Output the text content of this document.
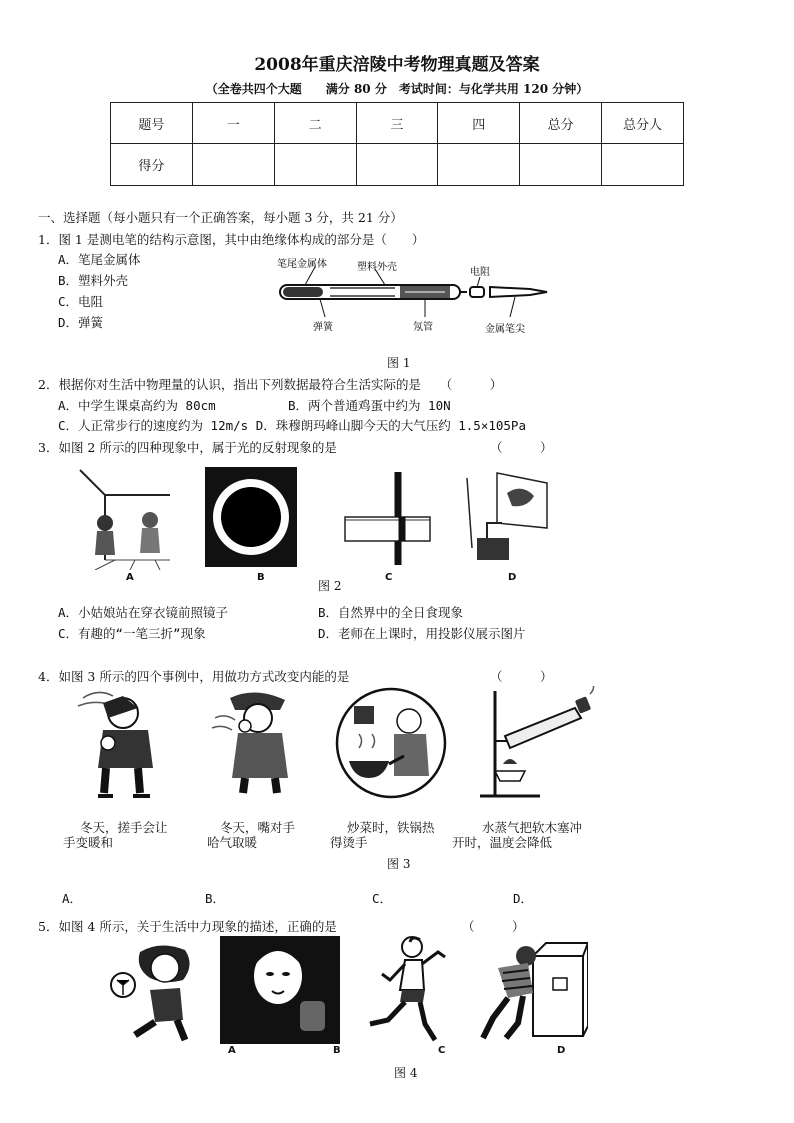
2008年重庆涪陵中考物理真题及答案
（全卷共四个大题　　满分 80 分　考试时间：与化学共用 120 分钟）
题号	一	二	三	四	总分	总分人
得分						
一、选择题（每小题只有一个正确答案，每小题 3 分，共 21 分）
1．图 1 是测电笔的结构示意图，其中由绝缘体构成的部分是（　　）
A．笔尾金属体
B．塑料外壳
C．电阻
D．弹簧
笔尾金属体	塑料外壳	电阻
弹簧	氖管	金属笔尖
图 1
2．根据你对生活中物理量的认识，指出下列数据最符合生活实际的是　　（　　　）
A．中学生课桌高约为 80cm	B．两个普通鸡蛋中约为 10N
C．人正常步行的速度约为 12m/s D．珠穆朗玛峰山脚今天的大气压约 1.5×105Pa
3．如图 2 所示的四种现象中，属于光的反射现象的是	（　　　）
A	B	C	D
图 2
A．小姑娘站在穿衣镜前照镜子	B．自然界中的全日食现象
C．有趣的“一笔三折”现象	D．老师在上课时，用投影仪展示图片
4．如图 3 所示的四个事例中，用做功方式改变内能的是	（　　　）
冬天，搓手会让
手变暖和
冬天，嘴对手
哈气取暖
炒菜时，铁锅热
得烫手
水蒸气把软木塞冲
开时，温度会降低
图 3
A．	B．	C．	D．
5．如图 4 所示，关于生活中力现象的描述，正确的是	（　　　）
A	B	C	D
图 4
